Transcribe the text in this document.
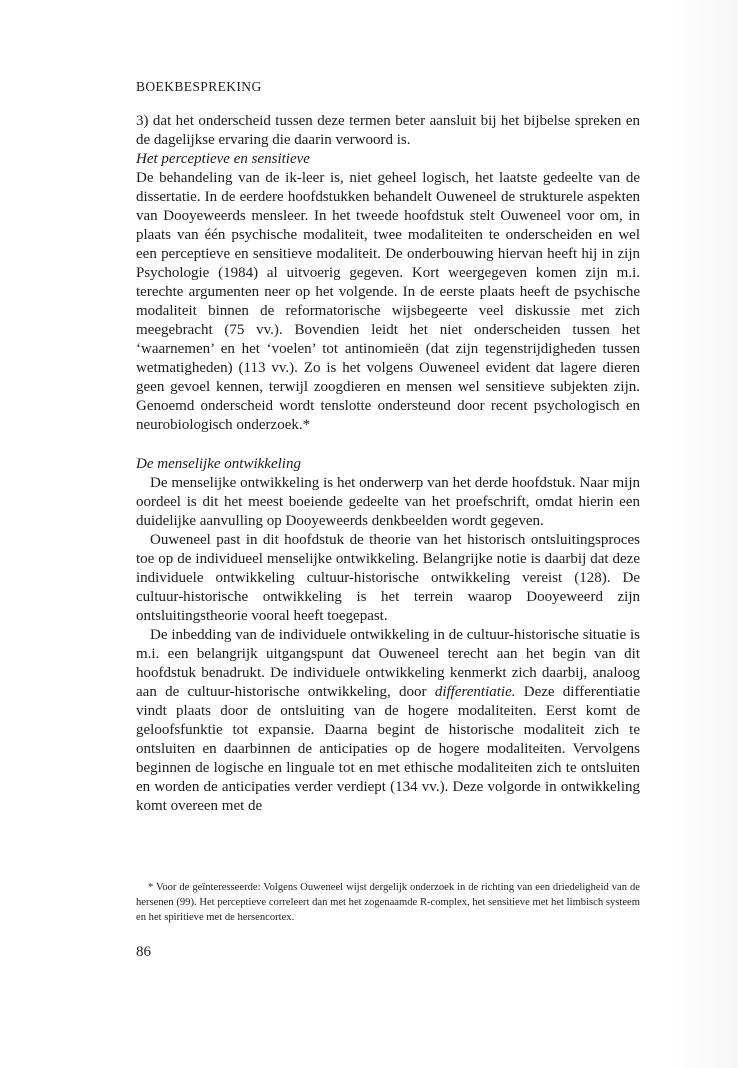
BOEKBESPREKING

3) dat het onderscheid tussen deze termen beter aansluit bij het bijbelse spreken en de dagelijkse ervaring die daarin verwoord is.

Het perceptieve en sensitieve

De behandeling van de ik-leer is, niet geheel logisch, het laatste gedeelte van de dissertatie. In de eerdere hoofdstukken behandelt Ouweneel de strukturele aspekten van Dooyeweerds mensleer. In het tweede hoofdstuk stelt Ouweneel voor om, in plaats van één psychische modaliteit, twee modaliteiten te onderscheiden en wel een perceptieve en sensitieve modaliteit. De onderbouwing hiervan heeft hij in zijn Psychologie (1984) al uitvoerig gegeven. Kort weergegeven komen zijn m.i. terechte argumenten neer op het volgende. In de eerste plaats heeft de psychische modaliteit binnen de reformatorische wijsbegeerte veel diskussie met zich meegebracht (75 vv.). Bovendien leidt het niet onderscheiden tussen het ‘waarnemen’ en het ‘voelen’ tot antinomieën (dat zijn tegenstrijdigheden tussen wetmatigheden) (113 vv.). Zo is het volgens Ouweneel evident dat lagere dieren geen gevoel kennen, terwijl zoogdieren en mensen wel sensitieve subjekten zijn. Genoemd onderscheid wordt tenslotte ondersteund door recent psychologisch en neurobiologisch onderzoek.*

De menselijke ontwikkeling

De menselijke ontwikkeling is het onderwerp van het derde hoofdstuk. Naar mijn oordeel is dit het meest boeiende gedeelte van het proefschrift, omdat hierin een duidelijke aanvulling op Dooyeweerds denkbeelden wordt gegeven.

Ouweneel past in dit hoofdstuk de theorie van het historisch ontsluitingsproces toe op de individueel menselijke ontwikkeling. Belangrijke notie is daarbij dat deze individuele ontwikkeling cultuur-historische ontwikkeling vereist (128). De cultuur-historische ontwikkeling is het terrein waarop Dooyeweerd zijn ontsluitingstheorie vooral heeft toegepast.

De inbedding van de individuele ontwikkeling in de cultuur-historische situatie is m.i. een belangrijk uitgangspunt dat Ouweneel terecht aan het begin van dit hoofdstuk benadrukt. De individuele ontwikkeling kenmerkt zich daarbij, analoog aan de cultuur-historische ontwikkeling, door differentiatie. Deze differentiatie vindt plaats door de ontsluiting van de hogere modaliteiten. Eerst komt de geloofsfunktie tot expansie. Daarna begint de historische modaliteit zich te ontsluiten en daarbinnen de anticipaties op de hogere modaliteiten. Vervolgens beginnen de logische en linguale tot en met ethische modaliteiten zich te ontsluiten en worden de anticipaties verder verdiept (134 vv.). Deze volgorde in ontwikkeling komt overeen met de

* Voor de geïnteresseerde: Volgens Ouweneel wijst dergelijk onderzoek in de richting van een driedeligheid van de hersenen (99). Het perceptieve correleert dan met het zogenaamde R-complex, het sensitieve met het limbisch systeem en het spiritieve met de hersencortex.

86
